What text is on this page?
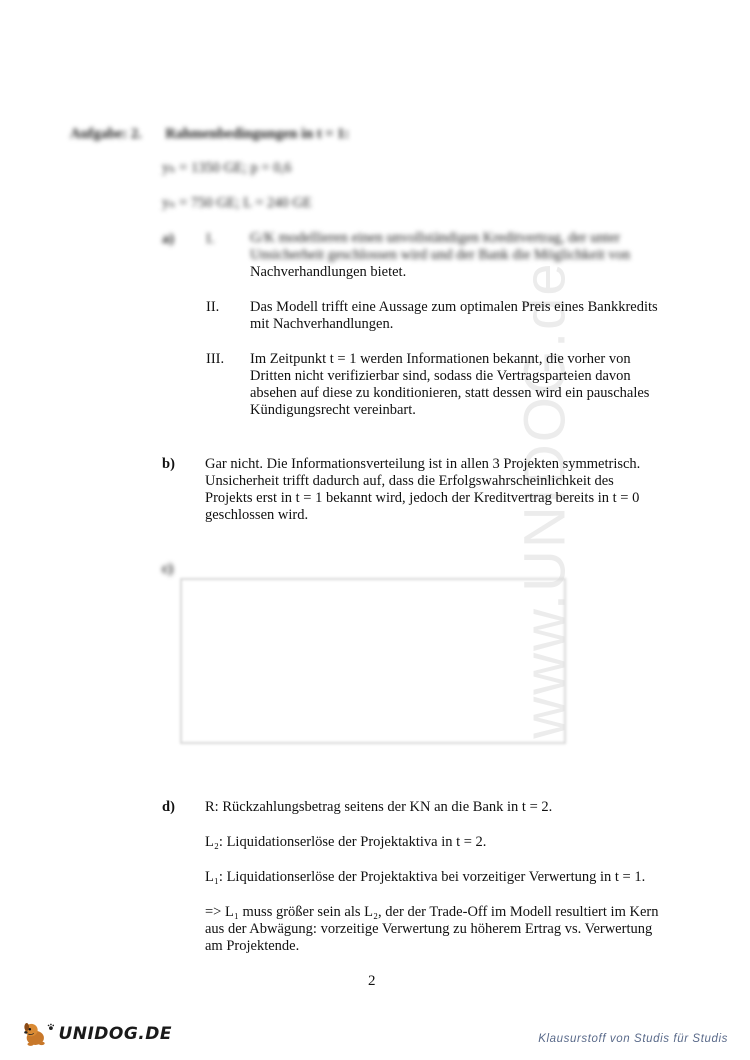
www.UNIDOG.de
Aufgabe: 2. Rahmenbedingungen in t = 1:
yₕ = 1350 GE; p = 0,6
yₙ = 750 GE; L = 240 GE
a) I. G/K modellieren einen unvollständigen Kreditvertrag, der unter

Unsicherheit geschlossen wird und der Bank die Möglichkeit von

Nachverhandlungen bietet.

II. Das Modell trifft eine Aussage zum optimalen Preis eines Bankkredits

mit Nachverhandlungen.

III. Im Zeitpunkt t = 1 werden Informationen bekannt, die vorher von

Dritten nicht verifizierbar sind, sodass die Vertragsparteien davon

absehen auf diese zu konditionieren, statt dessen wird ein pauschales

Kündigungsrecht vereinbart.

b) Gar nicht. Die Informationsverteilung ist in allen 3 Projekten symmetrisch.

Unsicherheit trifft dadurch auf, dass die Erfolgswahrscheinlichkeit des

Projekts erst in t = 1 bekannt wird, jedoch der Kreditvertrag bereits in t = 0

geschlossen wird.

c)
d) R: Rückzahlungsbetrag seitens der KN an die Bank in t = 2.
L₂: Liquidationserlöse der Projektaktiva in t = 2.
L₁: Liquidationserlöse der Projektaktiva bei vorzeitiger Verwertung in t = 1.

=> L₁ muss größer sein als L₂, der der Trade-Off im Modell resultiert im Kern

aus der Abwägung: vorzeitige Verwertung zu höherem Ertrag vs. Verwertung

am Projektende.

2
UNIDOG.DE	Klausurstoff von Studis für Studis
